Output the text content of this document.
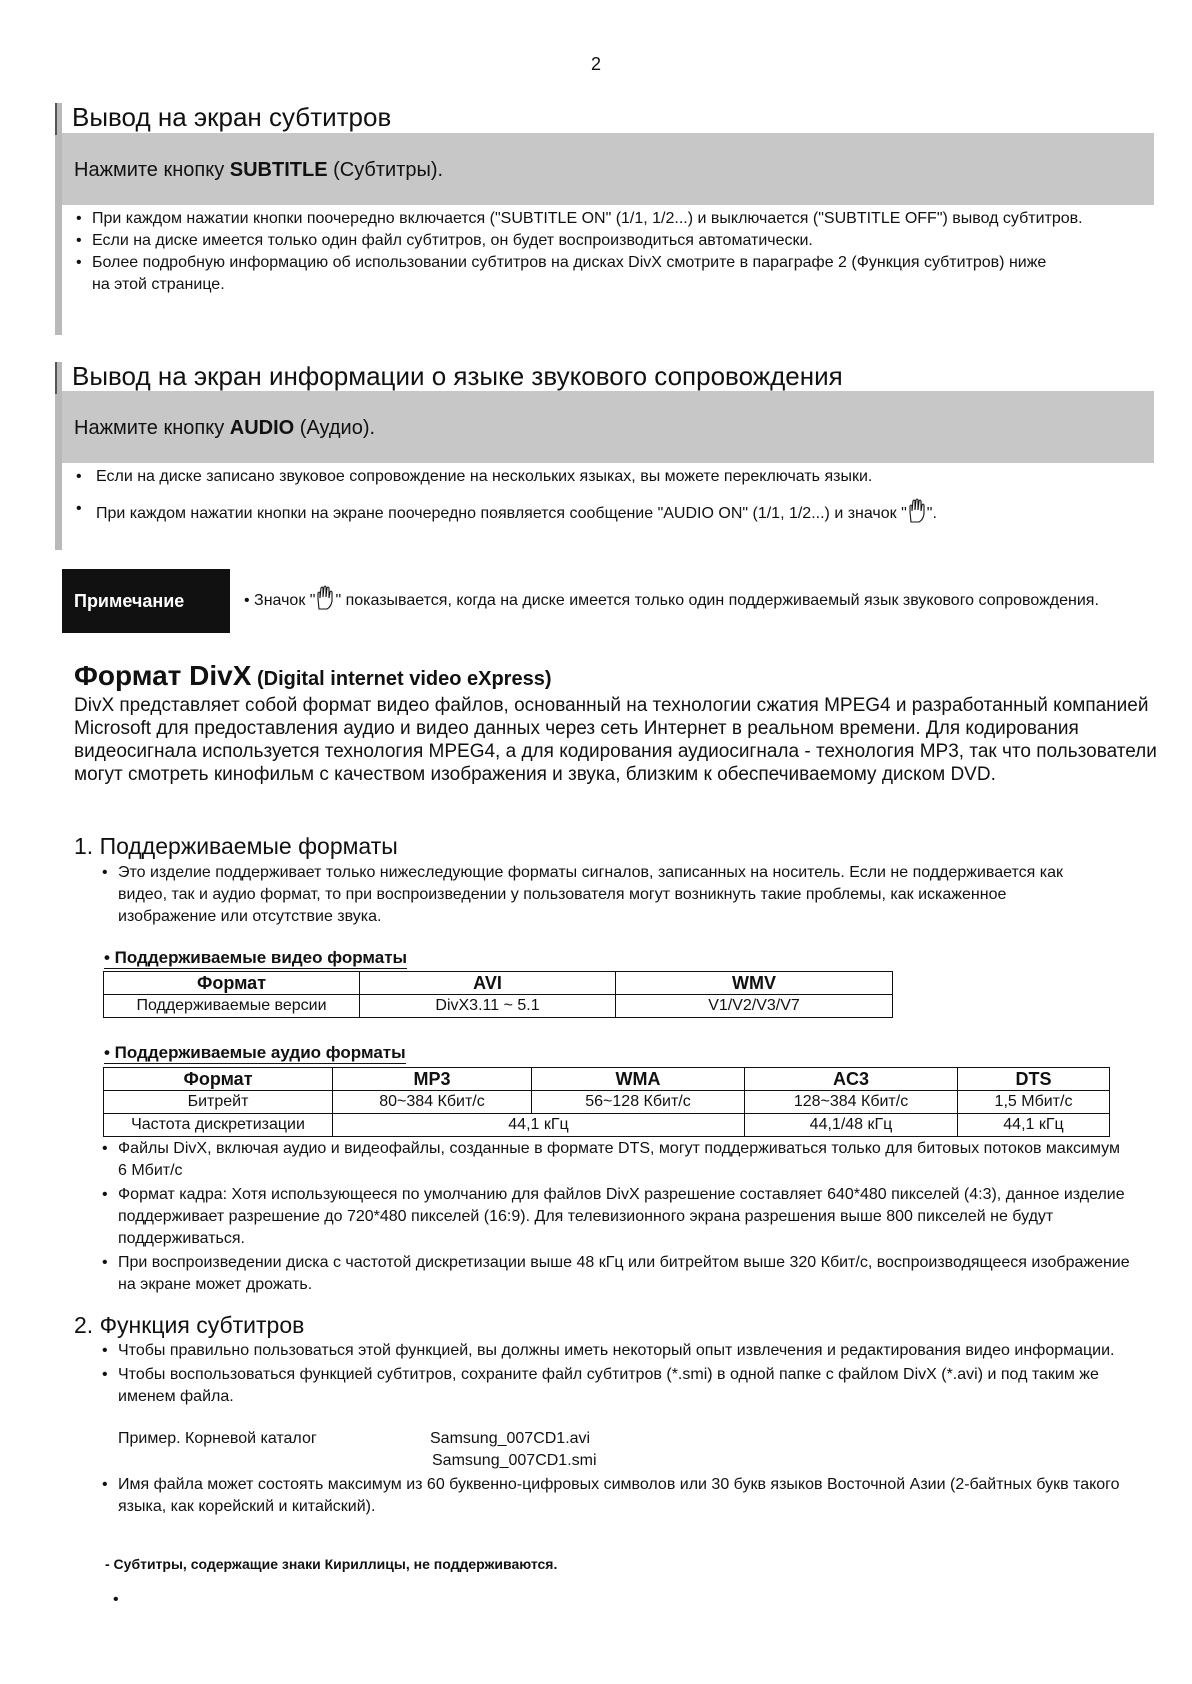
2
Вывод на экран субтитров
Нажмите кнопку SUBTITLE (Субтитры).
• При каждом нажатии кнопки поочередно включается ("SUBTITLE ON" (1/1, 1/2...) и выключается ("SUBTITLE OFF") вывод субтитров.
• Если на диске имеется только один файл субтитров, он будет воспроизводиться автоматически.
• Более подробную информацию об использовании субтитров на дисках DivX смотрите в параграфе 2 (Функция субтитров) ниже на этой странице.
Вывод на экран информации о языке звукового сопровождения
Нажмите кнопку AUDIO (Аудио).
• Если на диске записано звуковое сопровождение на нескольких языках, вы можете переключать языки.
• При каждом нажатии кнопки на экране поочередно появляется сообщение "AUDIO ON" (1/1, 1/2...) и значок " ".
Примечание	• Значок " " показывается, когда на диске имеется только один поддерживаемый язык звукового сопровождения.
Формат DivX (Digital internet video eXpress)
DivX представляет собой формат видео файлов, основанный на технологии сжатия MPEG4 и разработанный компанией Microsoft для предоставления аудио и видео данных через сеть Интернет в реальном времени. Для кодирования видеосигнала используется технология MPEG4, а для кодирования аудиосигнала - технология MP3, так что пользователи могут смотреть кинофильм с качеством изображения и звука, близким к обеспечиваемому диском DVD.
1. Поддерживаемые форматы
• Это изделие поддерживает только нижеследующие форматы сигналов, записанных на носитель. Если не поддерживается как видео, так и аудио формат, то при воспроизведении у пользователя могут возникнуть такие проблемы, как искаженное изображение или отсутствие звука.
• Поддерживаемые видео форматы
Формат	AVI	WMV
Поддерживаемые версии	DivX3.11 ~ 5.1	V1/V2/V3/V7
• Поддерживаемые аудио форматы
Формат	MP3	WMA	AC3	DTS
Битрейт	80~384 Кбит/с	56~128 Кбит/с	128~384 Кбит/с	1,5 Мбит/с
Частота дискретизации	44,1 кГц		44,1/48 кГц	44,1 кГц
• Файлы DivX, включая аудио и видеофайлы, созданные в формате DTS, могут поддерживаться только для битовых потоков максимум 6 Мбит/с
• Формат кадра: Хотя использующееся по умолчанию для файлов DivX разрешение составляет 640*480 пикселей (4:3), данное изделие поддерживает разрешение до 720*480 пикселей (16:9). Для телевизионного экрана разрешения выше 800 пикселей не будут поддерживаться.
• При воспроизведении диска с частотой дискретизации выше 48 кГц или битрейтом выше 320 Кбит/с, воспроизводящееся изображение на экране может дрожать.
2. Функция субтитров
• Чтобы правильно пользоваться этой функцией, вы должны иметь некоторый опыт извлечения и редактирования видео информации.
• Чтобы воспользоваться функцией субтитров, сохраните файл субтитров (*.smi) в одной папке с файлом DivX (*.avi) и под таким же именем файла.
Пример. Корневой каталог	Samsung_007CD1.avi
Samsung_007CD1.smi
• Имя файла может состоять максимум из 60 буквенно-цифровых символов или 30 букв языков Восточной Азии (2-байтных букв такого языка, как корейский и китайский).
- Субтитры, содержащие знаки Кириллицы, не поддерживаются.
•
